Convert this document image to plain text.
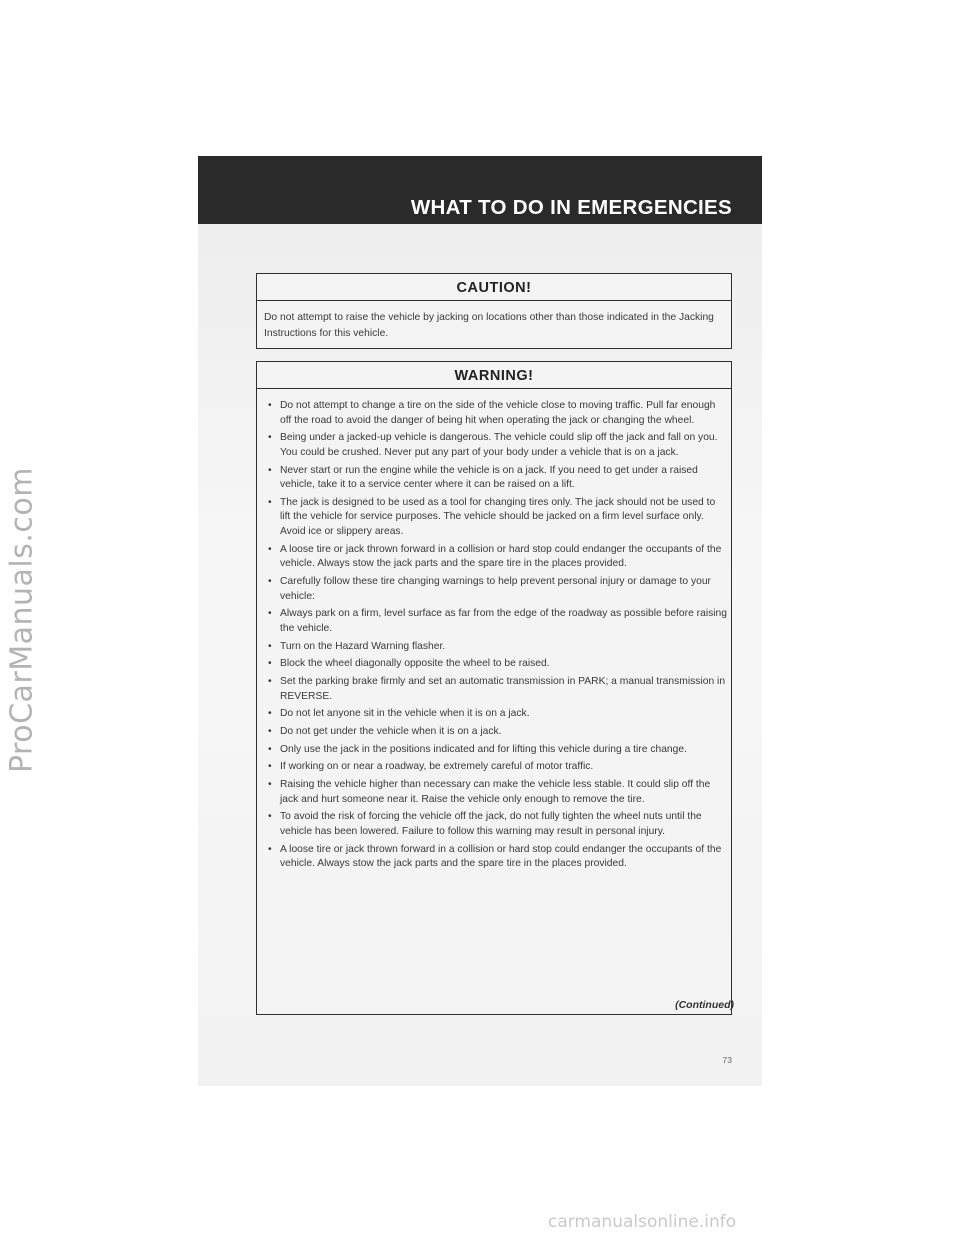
ProCarManuals.com
WHAT TO DO IN EMERGENCIES
CAUTION!
Do not attempt to raise the vehicle by jacking on locations other than those indicated in the Jacking Instructions for this vehicle.
WARNING!
• Do not attempt to change a tire on the side of the vehicle close to moving traffic. Pull far enough off the road to avoid the danger of being hit when operating the jack or changing the wheel.
• Being under a jacked-up vehicle is dangerous. The vehicle could slip off the jack and fall on you. You could be crushed. Never put any part of your body under a vehicle that is on a jack.
• Never start or run the engine while the vehicle is on a jack. If you need to get under a raised vehicle, take it to a service center where it can be raised on a lift.
• The jack is designed to be used as a tool for changing tires only. The jack should not be used to lift the vehicle for service purposes. The vehicle should be jacked on a firm level surface only. Avoid ice or slippery areas.
• A loose tire or jack thrown forward in a collision or hard stop could endanger the occupants of the vehicle. Always stow the jack parts and the spare tire in the places provided.
• Carefully follow these tire changing warnings to help prevent personal injury or damage to your vehicle:
• Always park on a firm, level surface as far from the edge of the roadway as possible before raising the vehicle.
• Turn on the Hazard Warning flasher.
• Block the wheel diagonally opposite the wheel to be raised.
• Set the parking brake firmly and set an automatic transmission in PARK; a manual transmission in REVERSE.
• Do not let anyone sit in the vehicle when it is on a jack.
• Do not get under the vehicle when it is on a jack.
• Only use the jack in the positions indicated and for lifting this vehicle during a tire change.
• If working on or near a roadway, be extremely careful of motor traffic.
• Raising the vehicle higher than necessary can make the vehicle less stable. It could slip off the jack and hurt someone near it. Raise the vehicle only enough to remove the tire.
• To avoid the risk of forcing the vehicle off the jack, do not fully tighten the wheel nuts until the vehicle has been lowered. Failure to follow this warning may result in personal injury.
• A loose tire or jack thrown forward in a collision or hard stop could endanger the occupants of the vehicle. Always stow the jack parts and the spare tire in the places provided.
(Continued)
73
carmanualsonline.info
